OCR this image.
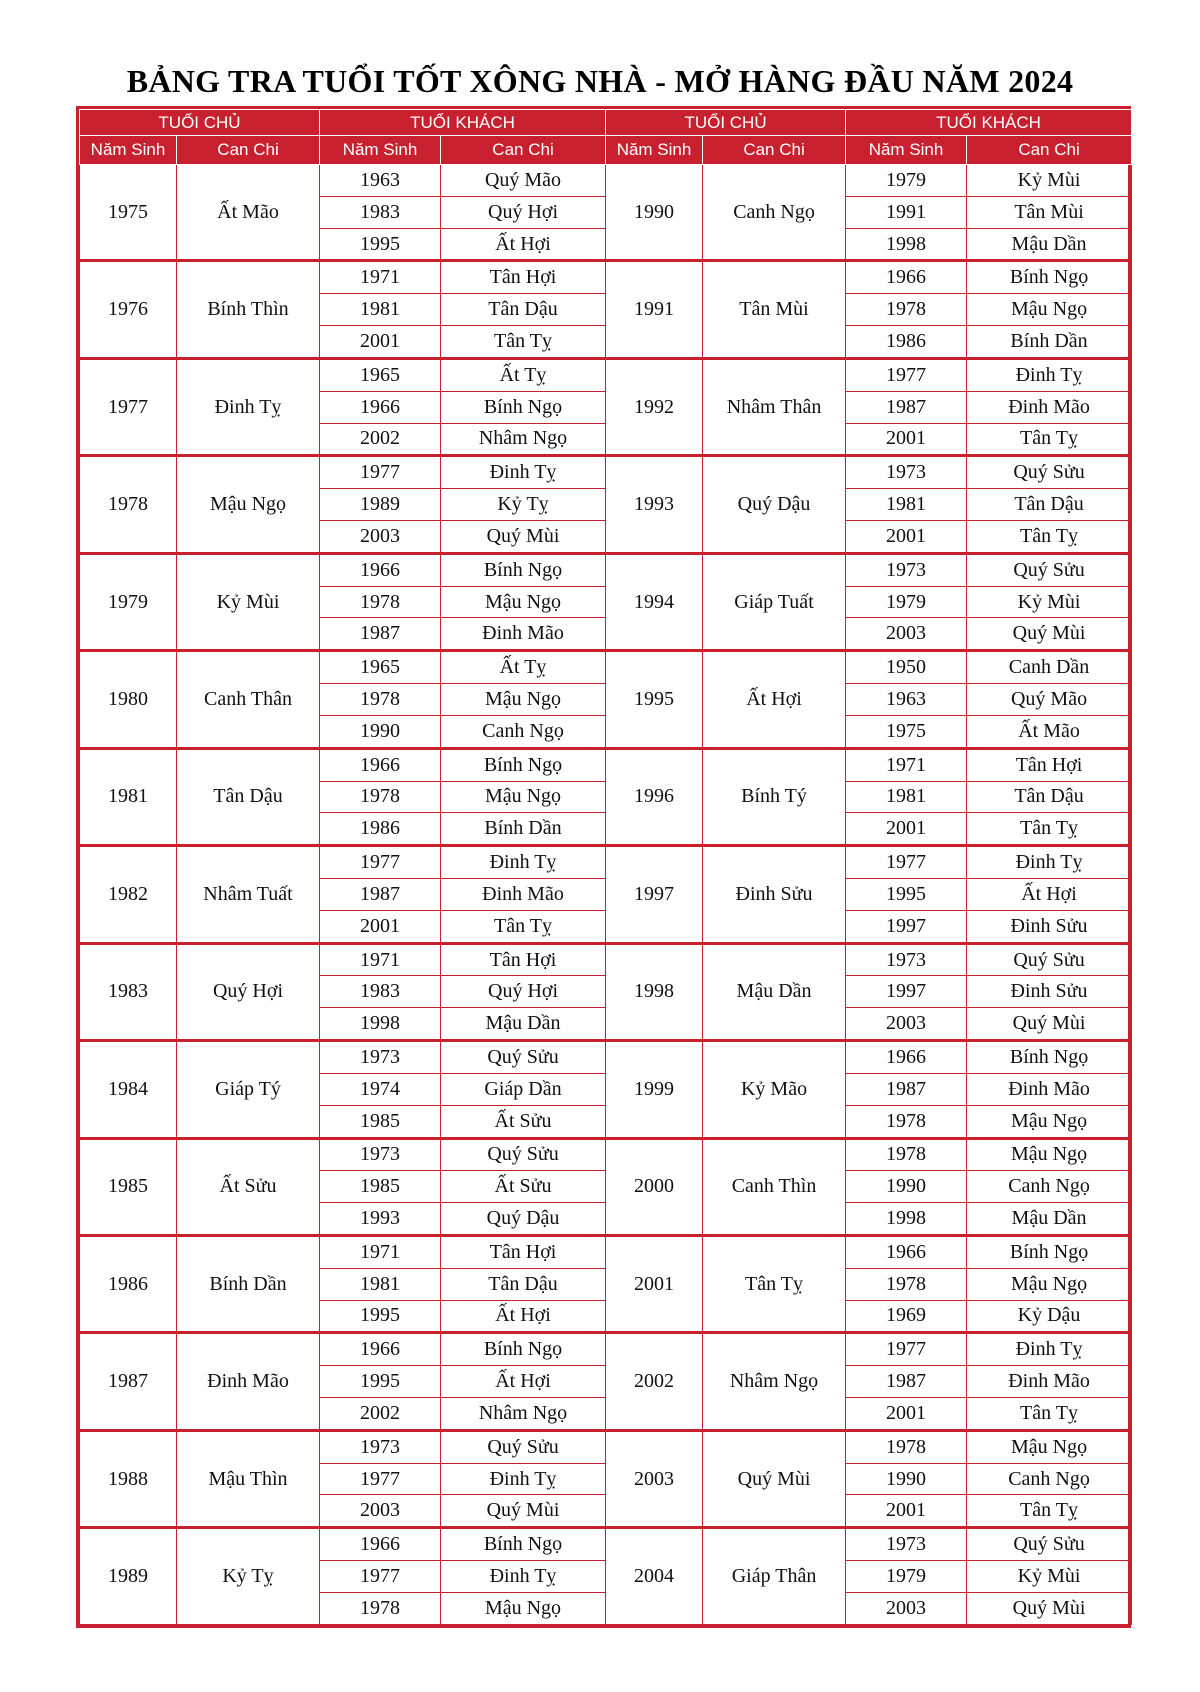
BẢNG TRA TUỔI TỐT XÔNG NHÀ - MỞ HÀNG ĐẦU NĂM 2024
TUỔI CHỦ		TUỔI KHÁCH		TUỔI CHỦ		TUỔI KHÁCH	
Năm Sinh	Can Chi	Năm Sinh	Can Chi	Năm Sinh	Can Chi	Năm Sinh	Can Chi
1975	Ất Mão	1963	Quý Mão	1990	Canh Ngọ	1979	Kỷ Mùi
		1983	Quý Hợi			1991	Tân Mùi
		1995	Ất Hợi			1998	Mậu Dần
1976	Bính Thìn	1971	Tân Hợi	1991	Tân Mùi	1966	Bính Ngọ
		1981	Tân Dậu			1978	Mậu Ngọ
		2001	Tân Tỵ			1986	Bính Dần
1977	Đinh Tỵ	1965	Ất Tỵ	1992	Nhâm Thân	1977	Đinh Tỵ
		1966	Bính Ngọ			1987	Đinh Mão
		2002	Nhâm Ngọ			2001	Tân Tỵ
1978	Mậu Ngọ	1977	Đinh Tỵ	1993	Quý Dậu	1973	Quý Sửu
		1989	Kỷ Tỵ			1981	Tân Dậu
		2003	Quý Mùi			2001	Tân Tỵ
1979	Kỷ Mùi	1966	Bính Ngọ	1994	Giáp Tuất	1973	Quý Sửu
		1978	Mậu Ngọ			1979	Kỷ Mùi
		1987	Đinh Mão			2003	Quý Mùi
1980	Canh Thân	1965	Ất Tỵ	1995	Ất Hợi	1950	Canh Dần
		1978	Mậu Ngọ			1963	Quý Mão
		1990	Canh Ngọ			1975	Ất Mão
1981	Tân Dậu	1966	Bính Ngọ	1996	Bính Tý	1971	Tân Hợi
		1978	Mậu Ngọ			1981	Tân Dậu
		1986	Bính Dần			2001	Tân Tỵ
1982	Nhâm Tuất	1977	Đinh Tỵ	1997	Đinh Sửu	1977	Đinh Tỵ
		1987	Đinh Mão			1995	Ất Hợi
		2001	Tân Tỵ			1997	Đinh Sửu
1983	Quý Hợi	1971	Tân Hợi	1998	Mậu Dần	1973	Quý Sửu
		1983	Quý Hợi			1997	Đinh Sửu
		1998	Mậu Dần			2003	Quý Mùi
1984	Giáp Tý	1973	Quý Sửu	1999	Kỷ Mão	1966	Bính Ngọ
		1974	Giáp Dần			1987	Đinh Mão
		1985	Ất Sửu			1978	Mậu Ngọ
1985	Ất Sửu	1973	Quý Sửu	2000	Canh Thìn	1978	Mậu Ngọ
		1985	Ất Sửu			1990	Canh Ngọ
		1993	Quý Dậu			1998	Mậu Dần
1986	Bính Dần	1971	Tân Hợi	2001	Tân Tỵ	1966	Bính Ngọ
		1981	Tân Dậu			1978	Mậu Ngọ
		1995	Ất Hợi			1969	Kỷ Dậu
1987	Đinh Mão	1966	Bính Ngọ	2002	Nhâm Ngọ	1977	Đinh Tỵ
		1995	Ất Hợi			1987	Đinh Mão
		2002	Nhâm Ngọ			2001	Tân Tỵ
1988	Mậu Thìn	1973	Quý Sửu	2003	Quý Mùi	1978	Mậu Ngọ
		1977	Đinh Tỵ			1990	Canh Ngọ
		2003	Quý Mùi			2001	Tân Tỵ
1989	Kỷ Tỵ	1966	Bính Ngọ	2004	Giáp Thân	1973	Quý Sửu
		1977	Đinh Tỵ			1979	Kỷ Mùi
		1978	Mậu Ngọ			2003	Quý Mùi
